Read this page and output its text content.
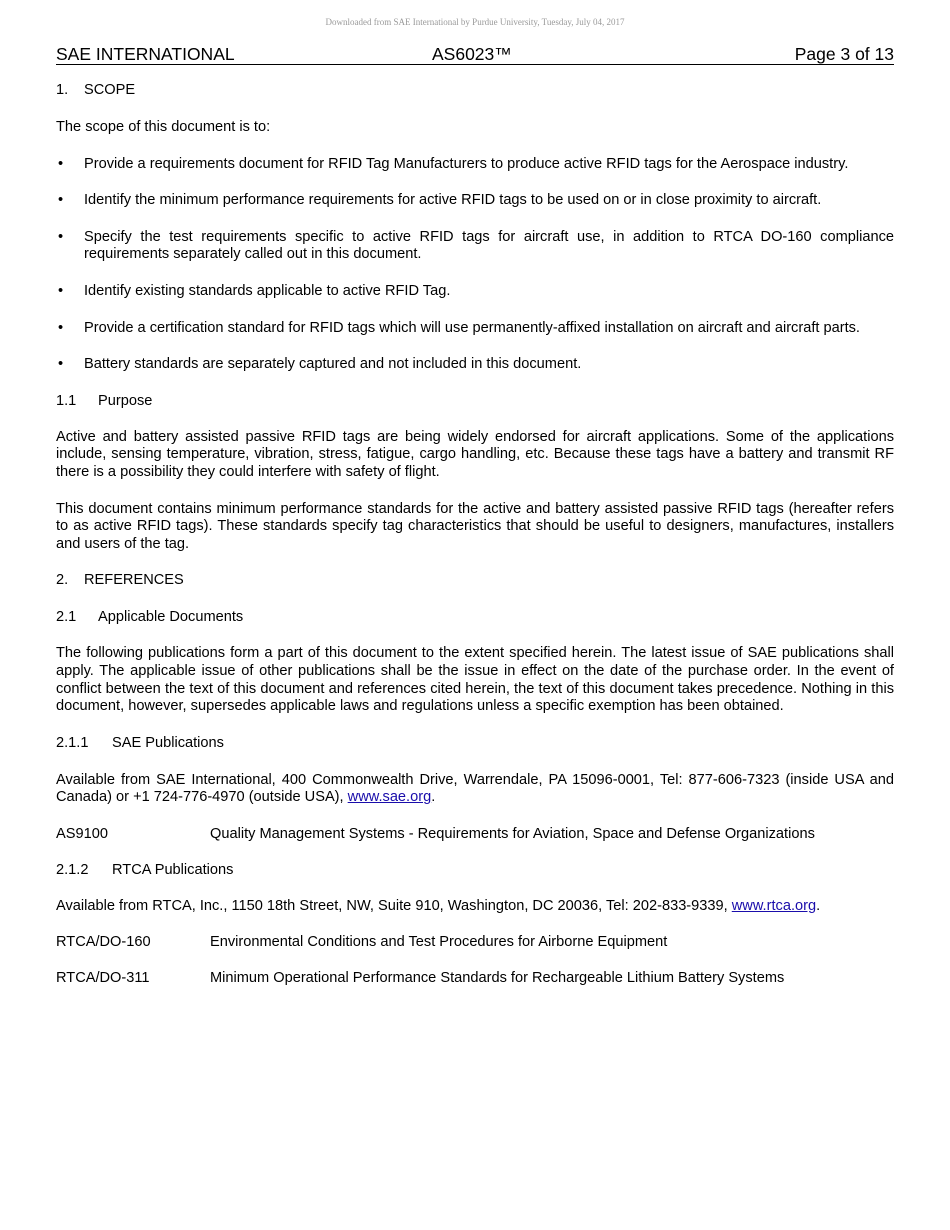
Downloaded from SAE International by Purdue University, Tuesday, July 04, 2017
SAE INTERNATIONAL	AS6023™	Page 3 of 13
1. SCOPE
The scope of this document is to:
• Provide a requirements document for RFID Tag Manufacturers to produce active RFID tags for the Aerospace industry.
• Identify the minimum performance requirements for active RFID tags to be used on or in close proximity to aircraft.
• Specify the test requirements specific to active RFID tags for aircraft use, in addition to RTCA DO-160 compliance requirements separately called out in this document.
• Identify existing standards applicable to active RFID Tag.
• Provide a certification standard for RFID tags which will use permanently-affixed installation on aircraft and aircraft parts.
• Battery standards are separately captured and not included in this document.
1.1 Purpose
Active and battery assisted passive RFID tags are being widely endorsed for aircraft applications. Some of the applications include, sensing temperature, vibration, stress, fatigue, cargo handling, etc. Because these tags have a battery and transmit RF there is a possibility they could interfere with safety of flight.
This document contains minimum performance standards for the active and battery assisted passive RFID tags (hereafter refers to as active RFID tags). These standards specify tag characteristics that should be useful to designers, manufactures, installers and users of the tag.
2. REFERENCES
2.1 Applicable Documents
The following publications form a part of this document to the extent specified herein. The latest issue of SAE publications shall apply. The applicable issue of other publications shall be the issue in effect on the date of the purchase order. In the event of conflict between the text of this document and references cited herein, the text of this document takes precedence. Nothing in this document, however, supersedes applicable laws and regulations unless a specific exemption has been obtained.
2.1.1 SAE Publications
Available from SAE International, 400 Commonwealth Drive, Warrendale, PA 15096-0001, Tel: 877-606-7323 (inside USA and Canada) or +1 724-776-4970 (outside USA), www.sae.org.
AS9100	Quality Management Systems - Requirements for Aviation, Space and Defense Organizations
2.1.2 RTCA Publications
Available from RTCA, Inc., 1150 18th Street, NW, Suite 910, Washington, DC 20036, Tel: 202-833-9339, www.rtca.org.
RTCA/DO-160	Environmental Conditions and Test Procedures for Airborne Equipment
RTCA/DO-311	Minimum Operational Performance Standards for Rechargeable Lithium Battery Systems
